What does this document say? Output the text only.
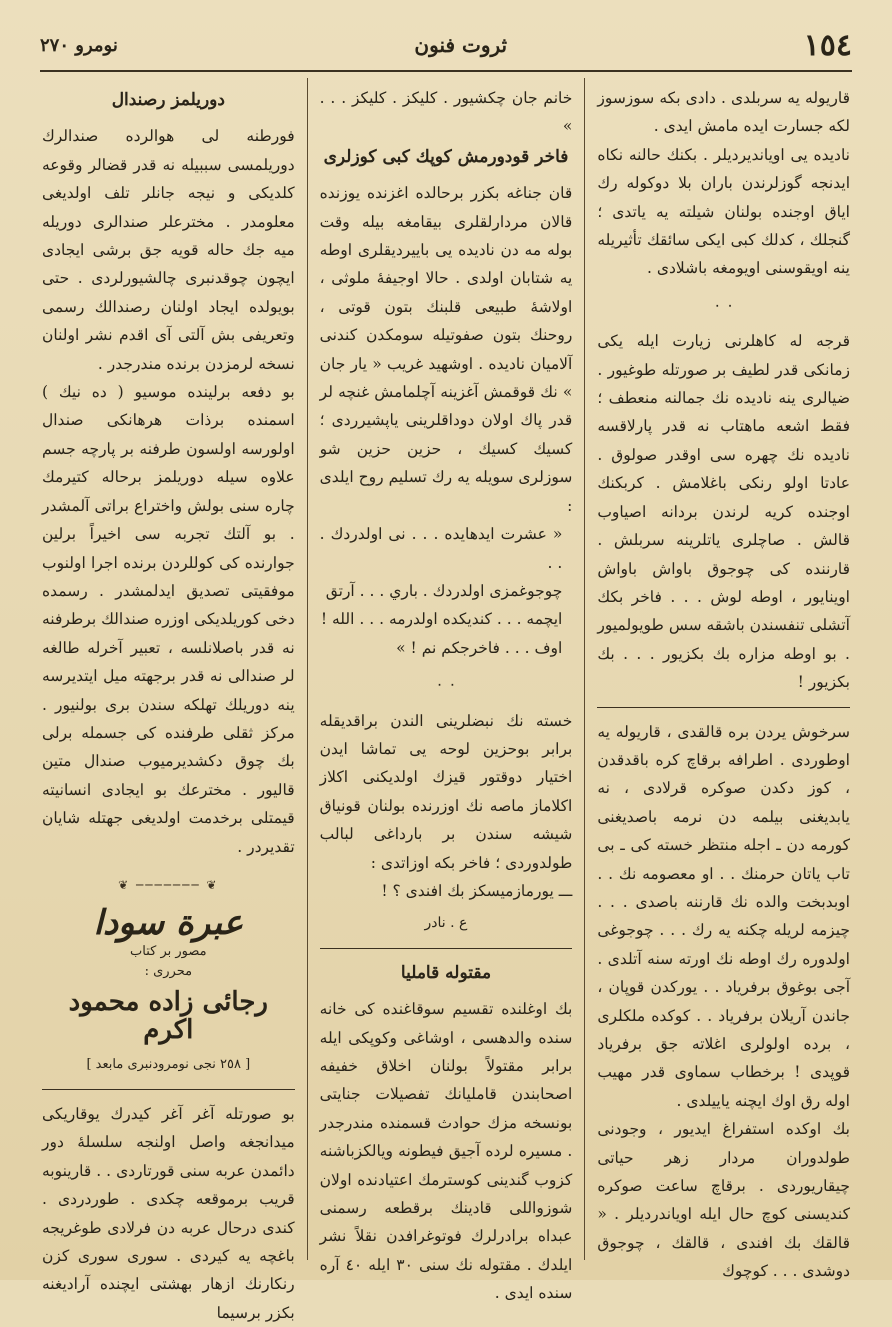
١٥٤
ثروت فنون
نومرو ٢٧٠

قاريوله يه سربلدى . دادى بكه سوزسوز لكه جسارت ايده مامش ايدى .

ناديده يى اويانديرديلر . بكنك حالنه نكاه ايدنجه گوزلرندن باران بلا دوكوله رك اياق اوجنده بولنان شيلته يه ياتدى ؛ گنجلك ، كدلك كبى ايكى سائقك تأثيريله ينه اويقوسنى اويومغه باشلادى .

٠ ٠

قرجه له كاهلرنى زيارت ايله يكى زمانكى قدر لطيف بر صورتله طوغيور . ضيالرى ينه ناديده نك جمالنه منعطف ؛ فقط اشعه ماهتاب نه قدر پارلاقسه ناديده نك چهره سى اوقدر صولوق . عادتا اولو رنكى باغلامش . كربكنك اوجنده كريه لرندن بردانه اصياوب قالش . صاچلرى ياتلرينه سربلش . قارننده كى چوجوق باواش باواش اوينايور ، اوطه لوش . . . فاخر بكك آتشلى تنفسندن باشقه سس طويولميور . بو اوطه مزاره بك بكزيور . . . بك بكزيور !

سرخوش يردن بره قالقدى ، قاريوله يه اوطوردى . اطرافه برقاچ كره باقدقدن ، كوز دكدن صوكره قرلادى ، نه يابديغنى بيلمه دن نرمه باصديغنى كورمه دن ـ اجله منتظر خسته كى ـ بى تاب ياتان حرمنك . . او معصومه نك . . اوبدبخت والده نك قارننه باصدى . . . چيزمه لريله چكنه يه رك . . . چوجوغى اولدوره رك اوطه نك اورته سنه آتلدى . آجى بوغوق برفرياد . . يوركدن قوپان ، جاندن آريلان برفرياد . . كوكده ملكلرى ، برده اولولرى اغلاته جق برفرياد قوپدى ! برخطاب سماوى قدر مهيب اوله رق اوك ايچنه ياييلدى .

بك اوكده استفراغ ايديور ، وجودنى طولدوران مردار زهر حياتى چيقاريوردى . برقاچ ساعت صوكره كنديسنى كوچ حال ايله اوياندرديلر . « قالقك بك افندى ، قالقك ، چوجوق دوشدى . . . كوچوك

خانم جان چكشيور . كليكز . كليكز . . . »

فاخر قودورمش كوپك كبى كوزلرى

قان جناغه بكزر برحالده اغزنده يوزنده قالان مردارلقلرى بيقامغه بيله وقت بوله مه دن ناديده يى باييرديقلرى اوطه يه شتابان اولدى . حالا اوجيفهٔ ملوثى ، اولاشهٔ طبيعى قلبنك بتون قوتى ، روحنك بتون صفوتيله سومكدن كندنى آلاميان ناديده . اوشهيد غريب « يار جان » نك قوقمش آغزينه آچلمامش غنچه لر قدر پاك اولان دوداقلرينى ياپشيرردى ؛ كسيك كسيك ، حزين حزين شو سوزلرى سويله يه رك تسليم روح ايلدى :

« عشرت ايدهايده . . . نى اولدردك . . .

چوجوغمزى اولدردك . باري . . . آرتق

ايچمه . . . كنديكده اولدرمه . . . الله !

اوف . . . فاخرجكم نم ! »

٠ ٠

خسته نك نبضلرينى الندن براقديقله برابر بوحزين لوحه يى تماشا ايدن اختيار دوقتور قيزك اولديكنى اكلاز اكلاماز ماصه نك اوزرنده بولنان قونياق شيشه سندن بر بارداغى لبالب طولدوردى ؛ فاخر بكه اوزاتدى :

ـــ يورمازميسكز بك افندى ؟ !

ع . نادر

مقتوله قامليا

بك اوغلنده تقسيم سوقاغنده كى خانه سنده والدهسى ، اوشاغى وكوپكى ايله برابر مقتولاً بولنان اخلاق خفيفه اصحابندن قامليانك تفصيلات جنايتى بونسخه مزك حوادث قسمنده مندرجدر . مسيره لرده آجيق فيطونه ويالكزباشنه كزوب گندينى كوسترمك اعتيادنده اولان شوزواللى قادينك برقطعه رسمنى عبداه برادرلرك فوتوغرافدن نقلاً نشر ايلدك . مقتوله نك سنى ٣٠ ايله ٤٠ آره سنده ايدى .

دوريلمز رصندال

فورطنه لى هوالرده صندالرك دوريلمسى سببيله نه قدر قضالر وقوعه كلديكى و نيجه جانلر تلف اولديغى معلومدر . مخترعلر صندالرى دوريله ميه جك حاله قويه جق برشى ايجادى ايچون چوقدنبرى چالشيورلردى . حتى بويولده ايجاد اولنان رصندالك رسمى وتعريفى بش آلتى آى اقدم نشر اولنان نسخه لرمزدن برنده مندرجدر .

بو دفعه برلينده موسيو ( ده نيك ) اسمنده برذات هرهانكى صندال اولورسه اولسون طرفنه بر پارچه جسم علاوه سيله دوريلمز برحاله كتيرمك چاره سنى بولش واختراع براتى آلمشدر . بو آلتك تجربه سى اخيراً برلين جوارنده كى كوللردن برنده اجرا اولنوب موفقيتى تصديق ايدلمشدر . رسمده دخى كوريلديكى اوزره صندالك برطرفنه نه قدر باصلانلسه ، تعبير آخرله طالغه لر صندالى نه قدر برجهته ميل ايتديرسه ينه دوريلك تهلكه سندن برى بولنيور . مركز ثقلى طرفنده كى جسمله برلى بك چوق دكشديرميوب صندال متين قاليور . مخترعك بو ايجادى انسانيته قيمتلى برخدمت اولديغى جهتله شايان تقديردر .

❦ ─────── ❦
عبرة سودا
مصور بر كتاب
محررى :
رجائى زاده محمود اكرم
[ ٢٥٨ نجى نومرودنبرى مابعد ]

بو صورتله آغر آغر كيدرك يوقاريكى ميدانجغه واصل اولنجه سلسلهٔ دور دائمدن عربه سنى قورتاردى . . قارينوبه قريب برموقعه چكدى . طوردردى . كندى درحال عربه دن فرلادى طوغريجه باغچه يه كيردى . سورى سورى كزن رنكارنك ازهار بهشتى ايچنده آراديغنه بكزر برسيما
